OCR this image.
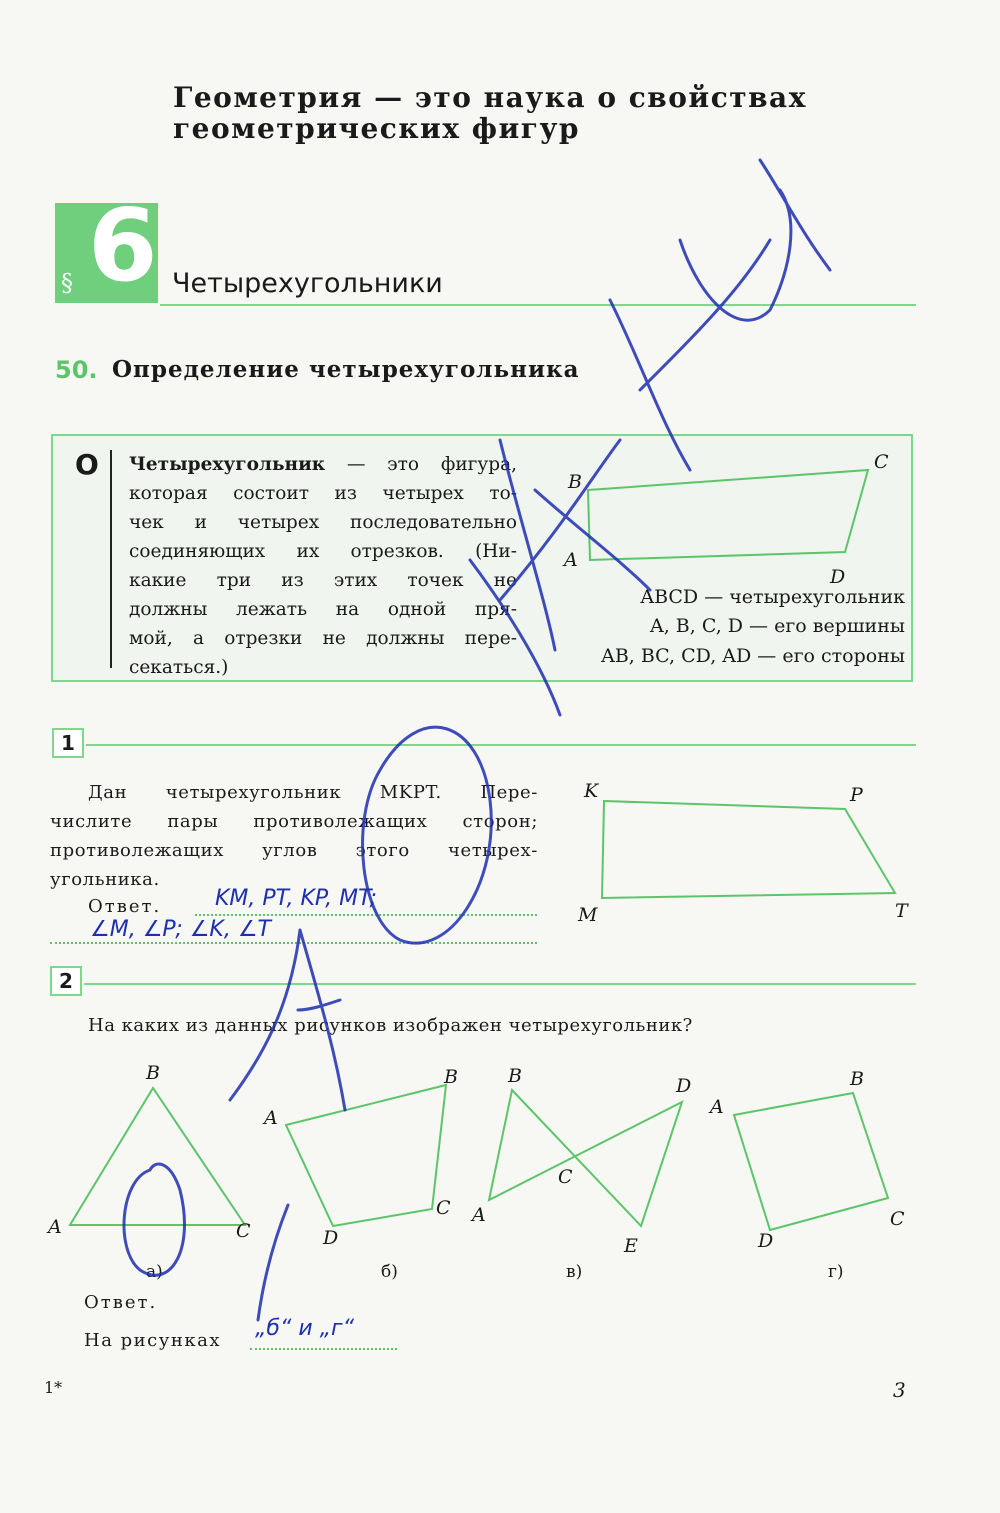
Геометрия — это наука о свойствах
геометрических фигур
§ 6 Четырехугольники
50. Определение четырехугольника
О Четырехугольник — это фигура,
которая состоит из четырех то-
чек и четырех последовательно
соединяющих их отрезков. (Ни-
какие три из этих точек не
должны лежать на одной пря-
мой, а отрезки не должны пере-
секаться.)
B
C
A
D
ABCD — четырехугольник
A, B, C, D — его вершины
AB, BC, CD, AD — его стороны
1
Дан четырехугольник MKPT. Пере-
числите пары противолежащих сторон;
противолежащих углов этого четырех-
угольника.
Ответ. KM, PT, KP, MT;
∠M, ∠P; ∠K, ∠T
K	P
M	T
2
На каких из данных рисунков изображен четырехугольник?
B
A	C
B
A
C
D
B	D
C
A
E
A
B
C
D
а)	б)	в)	г)
Ответ.
На рисунках „б“ и „г“
1*	3
